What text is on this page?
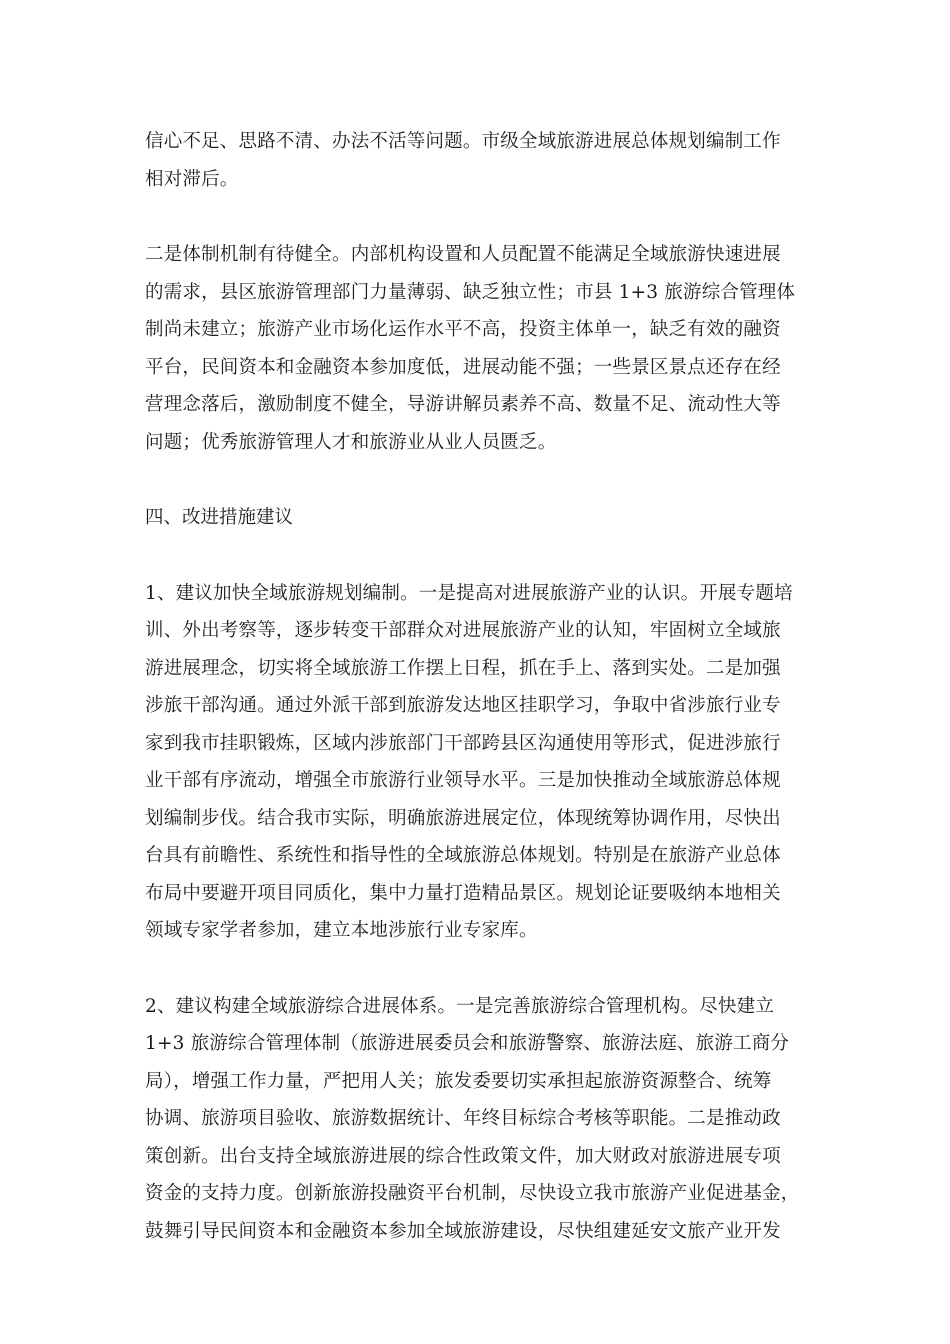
信心不足、思路不清、办法不活等问题。市级全域旅游进展总体规划编制工作
相对滞后。

二是体制机制有待健全。内部机构设置和人员配置不能满足全域旅游快速进展
的需求，县区旅游管理部门力量薄弱、缺乏独立性；市县 1+3 旅游综合管理体
制尚未建立；旅游产业市场化运作水平不高，投资主体单一，缺乏有效的融资
平台，民间资本和金融资本参加度低，进展动能不强；一些景区景点还存在经
营理念落后，激励制度不健全，导游讲解员素养不高、数量不足、流动性大等
问题；优秀旅游管理人才和旅游业从业人员匮乏。

四、改进措施建议

1、建议加快全域旅游规划编制。一是提高对进展旅游产业的认识。开展专题培
训、外出考察等，逐步转变干部群众对进展旅游产业的认知，牢固树立全域旅
游进展理念，切实将全域旅游工作摆上日程，抓在手上、落到实处。二是加强
涉旅干部沟通。通过外派干部到旅游发达地区挂职学习，争取中省涉旅行业专
家到我市挂职锻炼，区域内涉旅部门干部跨县区沟通使用等形式，促进涉旅行
业干部有序流动，增强全市旅游行业领导水平。三是加快推动全域旅游总体规
划编制步伐。结合我市实际，明确旅游进展定位，体现统筹协调作用，尽快出
台具有前瞻性、系统性和指导性的全域旅游总体规划。特别是在旅游产业总体
布局中要避开项目同质化，集中力量打造精品景区。规划论证要吸纳本地相关
领域专家学者参加，建立本地涉旅行业专家库。

2、建议构建全域旅游综合进展体系。一是完善旅游综合管理机构。尽快建立
1+3 旅游综合管理体制（旅游进展委员会和旅游警察、旅游法庭、旅游工商分
局），增强工作力量，严把用人关；旅发委要切实承担起旅游资源整合、统筹
协调、旅游项目验收、旅游数据统计、年终目标综合考核等职能。二是推动政
策创新。出台支持全域旅游进展的综合性政策文件，加大财政对旅游进展专项
资金的支持力度。创新旅游投融资平台机制，尽快设立我市旅游产业促进基金，
鼓舞引导民间资本和金融资本参加全域旅游建设，尽快组建延安文旅产业开发
